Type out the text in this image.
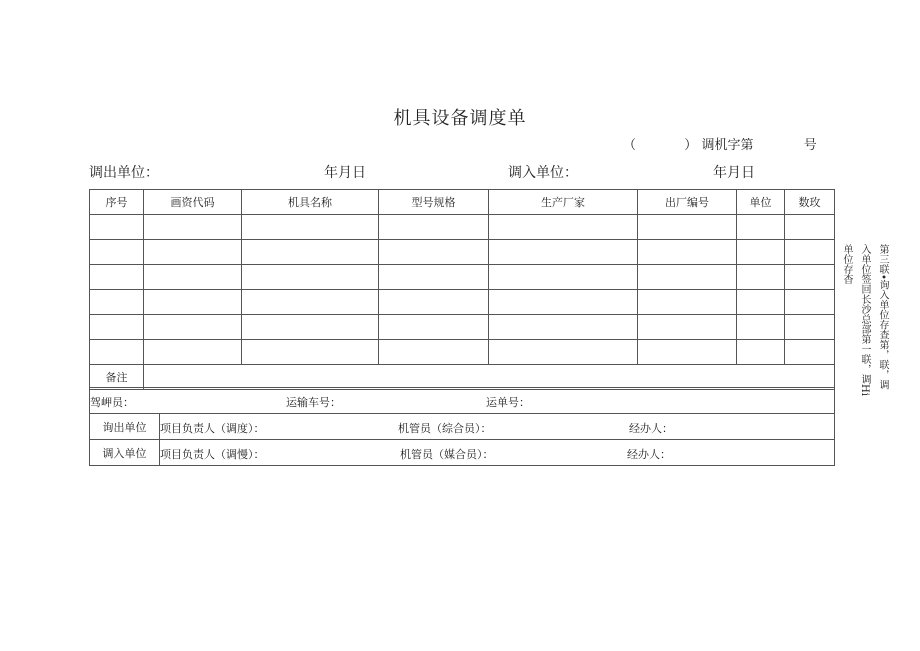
机具设备调度单
（	） 调机字第	号
调出单位：	年月日	调入单位：	年月日
序号	画资代码	机具名称	型号规格	生产厂家	出厂编号	单位	数玫

备注							
驾岬员： 运输车号： 运单号：	

询出单位	项目负责人（调度）： 机管员（综合员）： 经办人：

调入单位	项目负责人（调慢）： 机管员（媒合员）： 经办人：
第三联•询入单位存查第，联，调
入单位签回长沙总部第一联，调Hi
单位存杳
